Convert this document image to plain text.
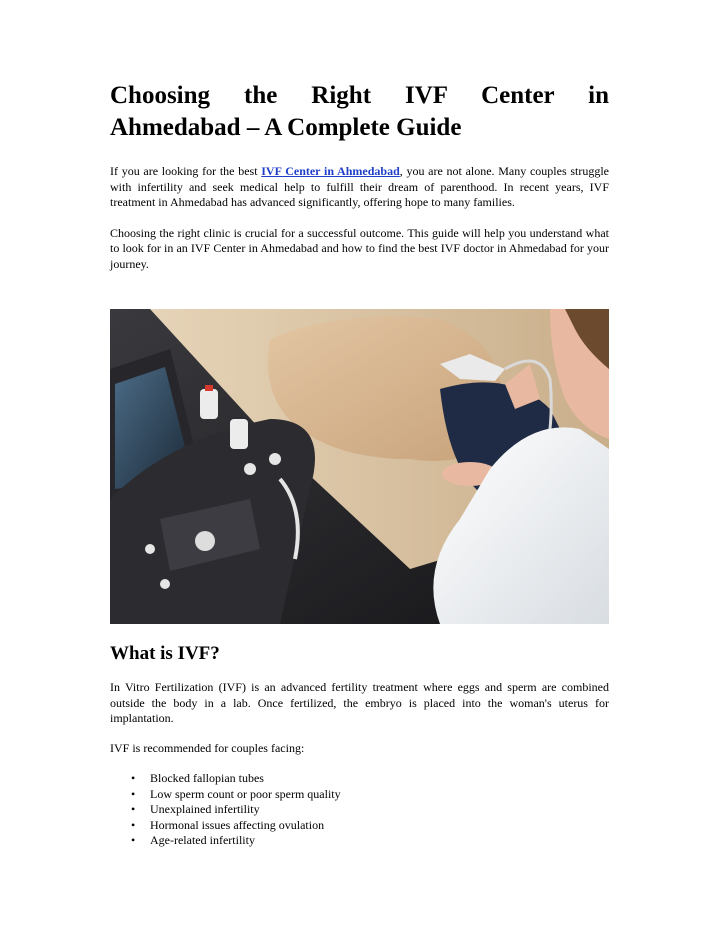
Choosing the Right IVF Center in
Ahmedabad – A Complete Guide

If you are looking for the best IVF Center in Ahmedabad, you are not alone. Many couples struggle with infertility and seek medical help to fulfill their dream of parenthood. In recent years, IVF treatment in Ahmedabad has advanced significantly, offering hope to many families.

Choosing the right clinic is crucial for a successful outcome. This guide will help you understand what to look for in an IVF Center in Ahmedabad and how to find the best IVF doctor in Ahmedabad for your journey.

What is IVF?

In Vitro Fertilization (IVF) is an advanced fertility treatment where eggs and sperm are combined outside the body in a lab. Once fertilized, the embryo is placed into the woman's uterus for implantation.

IVF is recommended for couples facing:

• Blocked fallopian tubes
• Low sperm count or poor sperm quality
• Unexplained infertility
• Hormonal issues affecting ovulation
• Age-related infertility
